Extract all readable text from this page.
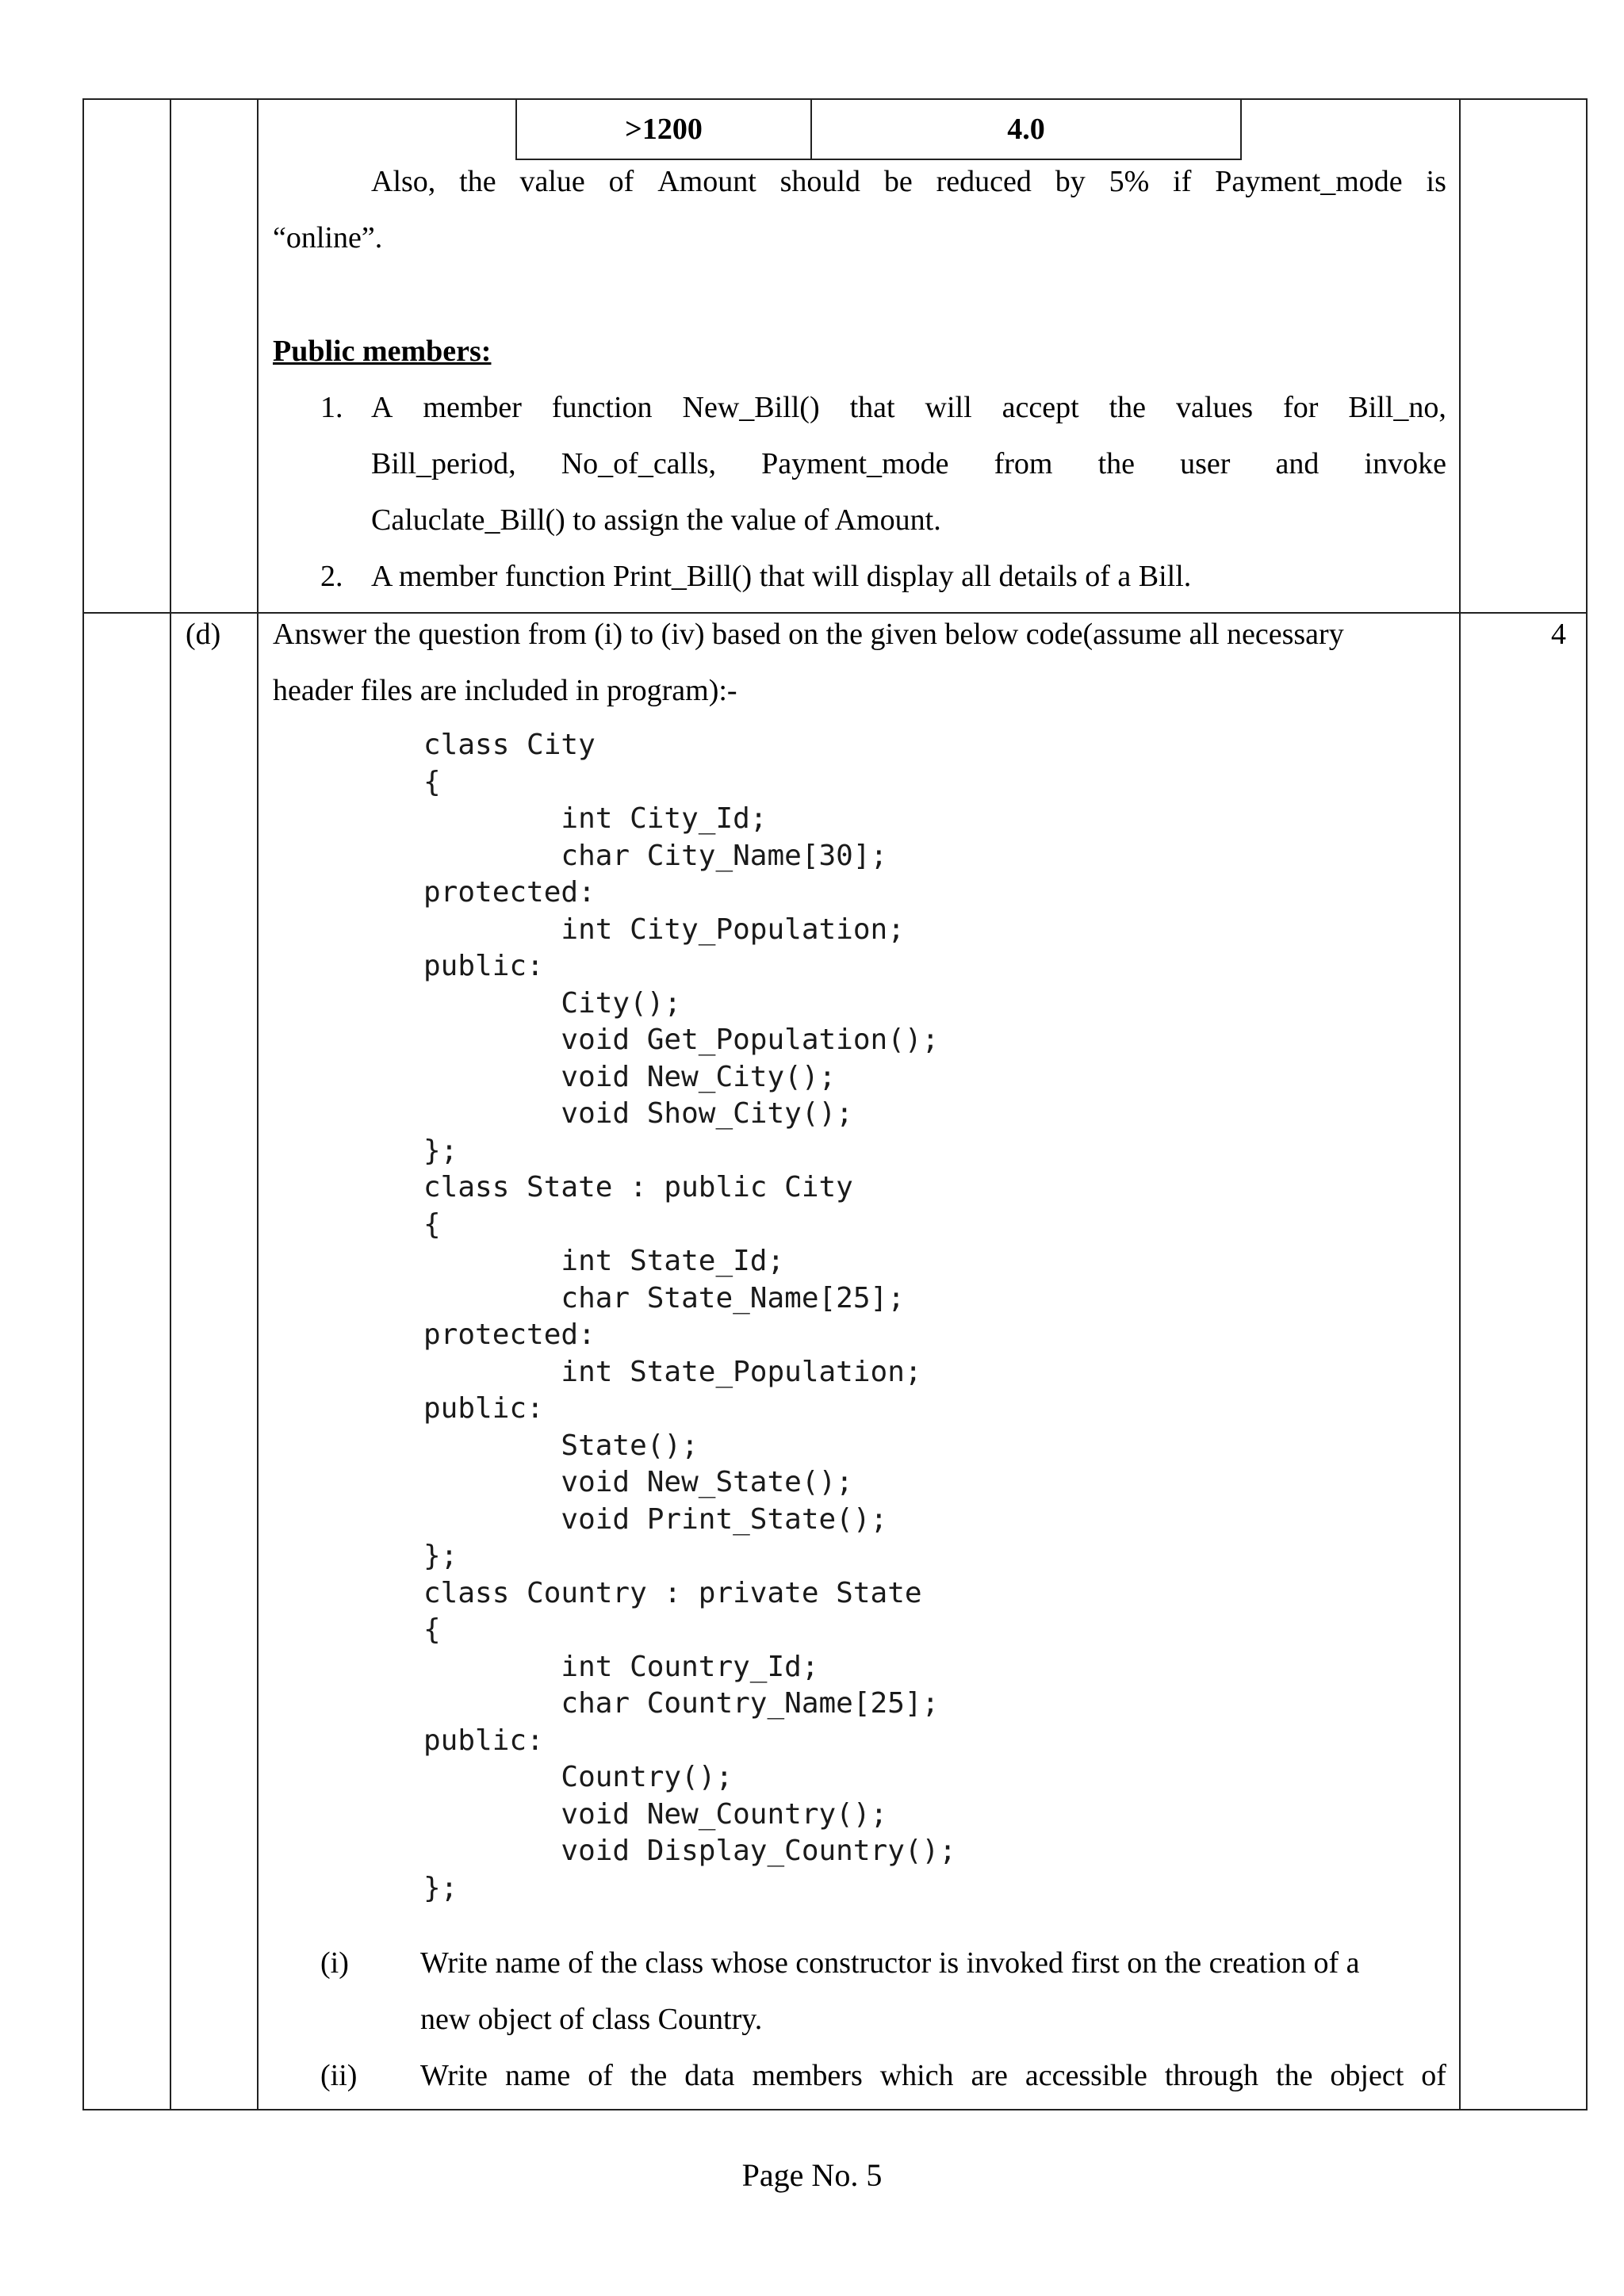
>1200	4.0
Also, the value of Amount should be reduced by 5% if Payment_mode is
“online”.
Public members:
1. A member function New_Bill() that will accept the values for Bill_no,
Bill_period, No_of_calls, Payment_mode from the user and invoke
Caluclate_Bill() to assign the value of Amount.
2. A member function Print_Bill() that will display all details of a Bill.
(d)	4
Answer the question from (i) to (iv) based on the given below code(assume all necessary
header files are included in program):-
class City
{
int City_Id;
char City_Name[30];
protected:
int City_Population;
public:
City();
void Get_Population();
void New_City();
void Show_City();
};
class State : public City
{
int State_Id;
char State_Name[25];
protected:
int State_Population;
public:
State();
void New_State();
void Print_State();
};
class Country : private State
{
int Country_Id;
char Country_Name[25];
public:
Country();
void New_Country();
void Display_Country();
};
(i) Write name of the class whose constructor is invoked first on the creation of a
new object of class Country.
(ii) Write name of the data members which are accessible through the object of
Page No. 5
